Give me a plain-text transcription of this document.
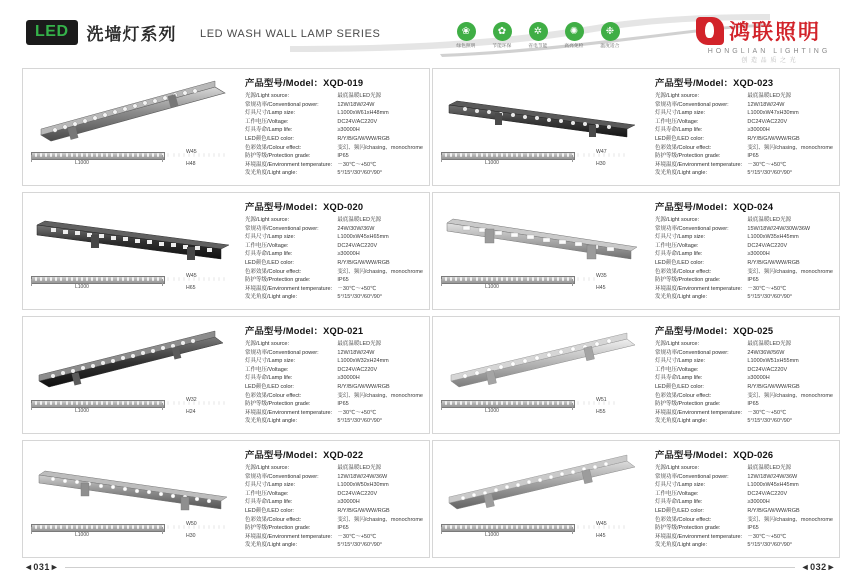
LED	洗墙灯系列 LED WASH WALL LAMP SERIES	❀
绿色照明
✿
节能环保
✲
省电节能
✺
高亮免检
❉
温度适合
鸿联照明
HONGLIAN LIGHTING
创 造 品 质 之 光
L1000
W45
H48
产品型号/Model：XQD-019
光源/Light source:	最底温暖LED光源
常规功率/Conventional power:	12W/18W/24W
灯具尺寸/Lamp size:	L1000xW61xH48mm
工作电压/Voltage:	DC24V/AC220V
灯具寿命/Lamp life:	≥30000H
LED颜色/LED color:	R/Y/B/G/W/WW/RGB
色彩效果/Colour effect:	变幻、频闪/chasing、monochrome
防护等级/Protection grade:	IP65
环境温度/Environment temperature:	－30℃～+50℃
发光角度/Light angle:	5°/15°/30°/60°/90°
L1000
W47
H30
产品型号/Model：XQD-023
光源/Light source:	最底温暖LED光源
常规功率/Conventional power:	12W/18W/24W
灯具尺寸/Lamp size:	L1000xW47xH30mm
工作电压/Voltage:	DC24V/AC220V
灯具寿命/Lamp life:	≥30000H
LED颜色/LED color:	R/Y/B/G/W/WW/RGB
色彩效果/Colour effect:	变幻、频闪/chasing、monochrome
防护等级/Protection grade:	IP65
环境温度/Environment temperature:	－30℃～+50℃
发光角度/Light angle:	5°/15°/30°/60°/90°
L1000
W45
H65
产品型号/Model：XQD-020
光源/Light source:	最底温暖LED光源
常规功率/Conventional power:	24W/30W/36W
灯具尺寸/Lamp size:	L1000xW45xH65mm
工作电压/Voltage:	DC24V/AC220V
灯具寿命/Lamp life:	≥30000H
LED颜色/LED color:	R/Y/B/G/W/WW/RGB
色彩效果/Colour effect:	变幻、频闪/chasing、monochrome
防护等级/Protection grade:	IP65
环境温度/Environment temperature:	－30℃～+50℃
发光角度/Light angle:	5°/15°/30°/60°/90°
L1000
W35
H45
产品型号/Model：XQD-024
光源/Light source:	最底温暖LED光源
常规功率/Conventional power:	15W/18W/24W/30W/36W
灯具尺寸/Lamp size:	L1000xW35xH45mm
工作电压/Voltage:	DC24V/AC220V
灯具寿命/Lamp life:	≥30000H
LED颜色/LED color:	R/Y/B/G/W/WW/RGB
色彩效果/Colour effect:	变幻、频闪/chasing、monochrome
防护等级/Protection grade:	IP65
环境温度/Environment temperature:	－30℃～+50℃
发光角度/Light angle:	5°/15°/30°/60°/90°
L1000
W32
H24
产品型号/Model：XQD-021
光源/Light source:	最底温暖LED光源
常规功率/Conventional power:	12W/18W/24W
灯具尺寸/Lamp size:	L1000xW32xH24mm
工作电压/Voltage:	DC24V/AC220V
灯具寿命/Lamp life:	≥30000H
LED颜色/LED color:	R/Y/B/G/W/WW/RGB
色彩效果/Colour effect:	变幻、频闪/chasing、monochrome
防护等级/Protection grade:	IP65
环境温度/Environment temperature:	－30℃～+50℃
发光角度/Light angle:	5°/15°/30°/60°/90°
L1000
W51
H55
产品型号/Model：XQD-025
光源/Light source:	最底温暖LED光源
常规功率/Conventional power:	24W/36W/56W
灯具尺寸/Lamp size:	L1000xW51xH55mm
工作电压/Voltage:	DC24V/AC220V
灯具寿命/Lamp life:	≥30000H
LED颜色/LED color:	R/Y/B/G/W/WW/RGB
色彩效果/Colour effect:	变幻、频闪/chasing、monochrome
防护等级/Protection grade:	IP65
环境温度/Environment temperature:	－30℃～+50℃
发光角度/Light angle:	5°/15°/30°/60°/90°
L1000
W50
H30
产品型号/Model：XQD-022
光源/Light source:	最底温暖LED光源
常规功率/Conventional power:	12W/18W/24W/36W
灯具尺寸/Lamp size:	L1000xW50xH30mm
工作电压/Voltage:	DC24V/AC220V
灯具寿命/Lamp life:	≥30000H
LED颜色/LED color:	R/Y/B/G/W/WW/RGB
色彩效果/Colour effect:	变幻、频闪/chasing、monochrome
防护等级/Protection grade:	IP65
环境温度/Environment temperature:	－30℃～+50℃
发光角度/Light angle:	5°/15°/30°/60°/90°
L1000
W45
H45
产品型号/Model：XQD-026
光源/Light source:	最底温暖LED光源
常规功率/Conventional power:	12W/18W/24W/36W
灯具尺寸/Lamp size:	L1000xW45xH45mm
工作电压/Voltage:	DC24V/AC220V
灯具寿命/Lamp life:	≥30000H
LED颜色/LED color:	R/Y/B/G/W/WW/RGB
色彩效果/Colour effect:	变幻、频闪/chasing、monochrome
防护等级/Protection grade:	IP65
环境温度/Environment temperature:	－30℃～+50℃
发光角度/Light angle:	5°/15°/30°/60°/90°
◄031►	◄032►
